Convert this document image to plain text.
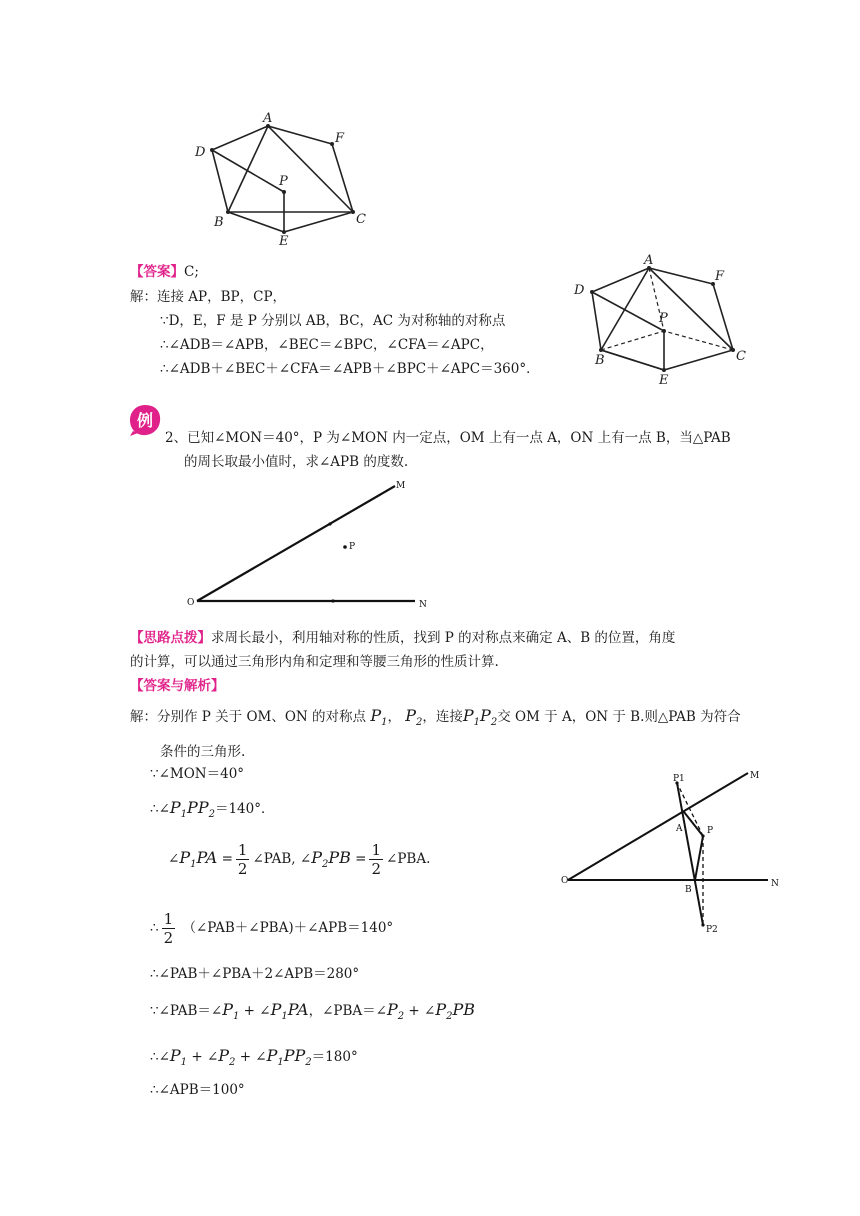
A
F
D
P
B	C
E
【答案】C;
解：连接 AP，BP，CP，
∵D，E，F 是 P 分别以 AB，BC，AC 为对称轴的对称点
∴∠ADB＝∠APB，∠BEC＝∠BPC，∠CFA＝∠APC，
∴∠ADB＋∠BEC＋∠CFA＝∠APB＋∠BPC＋∠APC＝360°．
A
F
D
P
B	C
E
例
2、已知∠MON＝40°，P 为∠MON 内一定点，OM 上有一点 A，ON 上有一点 B，当△PAB
的周长取最小值时，求∠APB 的度数.
M
P
O	N
【思路点拨】求周长最小，利用轴对称的性质，找到 P 的对称点来确定 A、B 的位置，角度
的计算，可以通过三角形内角和定理和等腰三角形的性质计算.
【答案与解析】
解：分别作 P 关于 OM、ON 的对称点 $P_1$， $P_2$，连接$P_1P_2$交 OM 于 A，ON 于 B.则△PAB 为符合
条件的三角形.
∵∠MON＝40°
$\therefore\angle P_1PP_2=140^\circ$．
$\angle P_1PA = \frac{1}{2}$ ∠PAB, $\angle P_2PB = \frac{1}{2}$ ∠PBA.
∴ $\frac{1}{2}$ （∠PAB＋∠PBA)＋∠APB＝140°
∴∠PAB＋∠PBA＋2∠APB＝280°
$\because\angle PAB=\angle P_1$ + $\angle P_1PA$，$\angle PBA=\angle P_2$ + $\angle P_2PB$
$\therefore\angle P_1$ + $\angle P_2$ + $\angle P_1PP_2=180^\circ$
∴∠APB＝100°
P1	M
A	P
O
B
N
P2
